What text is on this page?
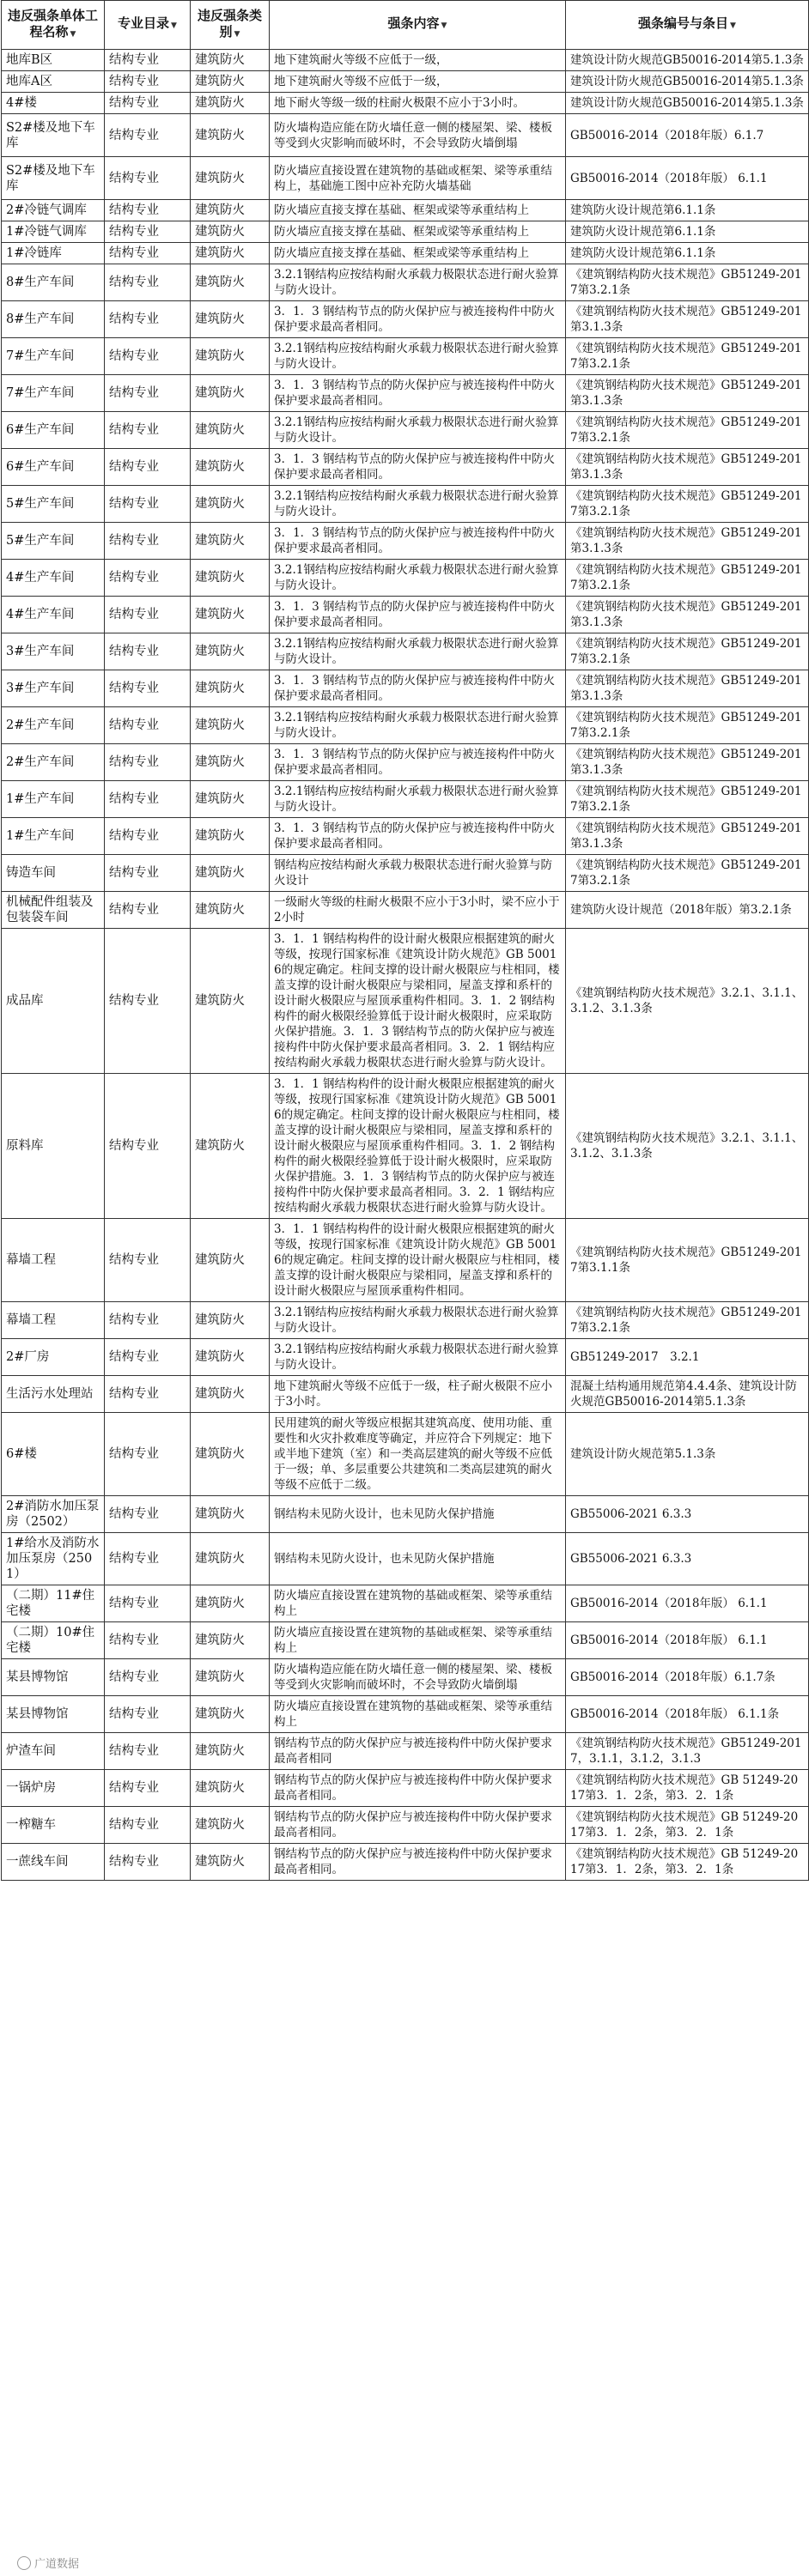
违反强条单体工程名称 ▼	专业目录 ▼	违反强条类别 ▼	强条内容 ▼	强条编号与条目 ▼
地库B区	结构专业	建筑防火	地下建筑耐火等级不应低于一级，	建筑设计防火规范GB50016-2014第5.1.3条
地库A区	结构专业	建筑防火	地下建筑耐火等级不应低于一级，	建筑设计防火规范GB50016-2014第5.1.3条
4#楼	结构专业	建筑防火	地下耐火等级一级的柱耐火极限不应小于3小时。	建筑设计防火规范GB50016-2014第5.1.3条
S2#楼及地下车库	结构专业	建筑防火	防火墙构造应能在防火墙任意一侧的楼屋架、梁、楼板等受到火灾影响而破坏时，不会导致防火墙倒塌	GB50016-2014（2018年版）6.1.7
S2#楼及地下车库	结构专业	建筑防火	防火墙应直接设置在建筑物的基础或框架、梁等承重结构上，基础施工图中应补充防火墙基础	GB50016-2014（2018年版） 6.1.1
2#冷链气调库	结构专业	建筑防火	防火墙应直接支撑在基础、框架或梁等承重结构上	建筑防火设计规范第6.1.1条
1#冷链气调库	结构专业	建筑防火	防火墙应直接支撑在基础、框架或梁等承重结构上	建筑防火设计规范第6.1.1条
1#冷链库	结构专业	建筑防火	防火墙应直接支撑在基础、框架或梁等承重结构上	建筑防火设计规范第6.1.1条
8#生产车间	结构专业	建筑防火	3.2.1钢结构应按结构耐火承载力极限状态进行耐火验算与防火设计。	《建筑钢结构防火技术规范》GB51249-2017第3.2.1条
8#生产车间	结构专业	建筑防火	3．1．3 钢结构节点的防火保护应与被连接构件中防火保护要求最高者相同。	《建筑钢结构防火技术规范》GB51249-201第3.1.3条
7#生产车间	结构专业	建筑防火	3.2.1钢结构应按结构耐火承载力极限状态进行耐火验算与防火设计。	《建筑钢结构防火技术规范》GB51249-2017第3.2.1条
7#生产车间	结构专业	建筑防火	3．1．3 钢结构节点的防火保护应与被连接构件中防火保护要求最高者相同。	《建筑钢结构防火技术规范》GB51249-201第3.1.3条
6#生产车间	结构专业	建筑防火	3.2.1钢结构应按结构耐火承载力极限状态进行耐火验算与防火设计。	《建筑钢结构防火技术规范》GB51249-2017第3.2.1条
6#生产车间	结构专业	建筑防火	3．1．3 钢结构节点的防火保护应与被连接构件中防火保护要求最高者相同。	《建筑钢结构防火技术规范》GB51249-201第3.1.3条
5#生产车间	结构专业	建筑防火	3.2.1钢结构应按结构耐火承载力极限状态进行耐火验算与防火设计。	《建筑钢结构防火技术规范》GB51249-2017第3.2.1条
5#生产车间	结构专业	建筑防火	3．1．3 钢结构节点的防火保护应与被连接构件中防火保护要求最高者相同。	《建筑钢结构防火技术规范》GB51249-201第3.1.3条
4#生产车间	结构专业	建筑防火	3.2.1钢结构应按结构耐火承载力极限状态进行耐火验算与防火设计。	《建筑钢结构防火技术规范》GB51249-2017第3.2.1条
4#生产车间	结构专业	建筑防火	3．1．3 钢结构节点的防火保护应与被连接构件中防火保护要求最高者相同。	《建筑钢结构防火技术规范》GB51249-201第3.1.3条
3#生产车间	结构专业	建筑防火	3.2.1钢结构应按结构耐火承载力极限状态进行耐火验算与防火设计。	《建筑钢结构防火技术规范》GB51249-2017第3.2.1条
3#生产车间	结构专业	建筑防火	3．1．3 钢结构节点的防火保护应与被连接构件中防火保护要求最高者相同。	《建筑钢结构防火技术规范》GB51249-201第3.1.3条
2#生产车间	结构专业	建筑防火	3.2.1钢结构应按结构耐火承载力极限状态进行耐火验算与防火设计。	《建筑钢结构防火技术规范》GB51249-2017第3.2.1条
2#生产车间	结构专业	建筑防火	3．1．3 钢结构节点的防火保护应与被连接构件中防火保护要求最高者相同。	《建筑钢结构防火技术规范》GB51249-201第3.1.3条
1#生产车间	结构专业	建筑防火	3.2.1钢结构应按结构耐火承载力极限状态进行耐火验算与防火设计。	《建筑钢结构防火技术规范》GB51249-2017第3.2.1条
1#生产车间	结构专业	建筑防火	3．1．3 钢结构节点的防火保护应与被连接构件中防火保护要求最高者相同。	《建筑钢结构防火技术规范》GB51249-201第3.1.3条
铸造车间	结构专业	建筑防火	钢结构应按结构耐火承载力极限状态进行耐火验算与防火设计	《建筑钢结构防火技术规范》GB51249-2017第3.2.1条
机械配件组装及包装袋车间	结构专业	建筑防火	一级耐火等级的柱耐火极限不应小于3小时，梁不应小于2小时	建筑防火设计规范（2018年版）第3.2.1条
成品库	结构专业	建筑防火	3．1．1 钢结构构件的设计耐火极限应根据建筑的耐火等级，按现行国家标准《建筑设计防火规范》GB 50016的规定确定。柱间支撑的设计耐火极限应与柱相同，楼盖支撑的设计耐火极限应与梁相同，屋盖支撑和系杆的设计耐火极限应与屋顶承重构件相同。3．1．2 钢结构构件的耐火极限经验算低于设计耐火极限时，应采取防火保护措施。3．1．3 钢结构节点的防火保护应与被连接构件中防火保护要求最高者相同。3．2．1 钢结构应按结构耐火承载力极限状态进行耐火验算与防火设计。	《建筑钢结构防火技术规范》3.2.1、3.1.1、3.1.2、3.1.3条
原料库	结构专业	建筑防火	3．1．1 钢结构构件的设计耐火极限应根据建筑的耐火等级，按现行国家标准《建筑设计防火规范》GB 50016的规定确定。柱间支撑的设计耐火极限应与柱相同，楼盖支撑的设计耐火极限应与梁相同，屋盖支撑和系杆的设计耐火极限应与屋顶承重构件相同。3．1．2 钢结构构件的耐火极限经验算低于设计耐火极限时，应采取防火保护措施。3．1．3 钢结构节点的防火保护应与被连接构件中防火保护要求最高者相同。3．2．1 钢结构应按结构耐火承载力极限状态进行耐火验算与防火设计。	《建筑钢结构防火技术规范》3.2.1、3.1.1、3.1.2、3.1.3条
幕墙工程	结构专业	建筑防火	3．1．1 钢结构构件的设计耐火极限应根据建筑的耐火等级，按现行国家标准《建筑设计防火规范》GB 50016的规定确定。柱间支撑的设计耐火极限应与柱相同，楼盖支撑的设计耐火极限应与梁相同，屋盖支撑和系杆的设计耐火极限应与屋顶承重构件相同。	《建筑钢结构防火技术规范》GB51249-2017第3.1.1条
幕墙工程	结构专业	建筑防火	3.2.1钢结构应按结构耐火承载力极限状态进行耐火验算与防火设计。	《建筑钢结构防火技术规范》GB51249-2017第3.2.1条
2#厂房	结构专业	建筑防火	3.2.1钢结构应按结构耐火承载力极限状态进行耐火验算与防火设计。	GB51249-2017　3.2.1
生活污水处理站	结构专业	建筑防火	地下建筑耐火等级不应低于一级，柱子耐火极限不应小于3小时。	混凝土结构通用规范第4.4.4条、建筑设计防火规范GB50016-2014第5.1.3条
6#楼	结构专业	建筑防火	民用建筑的耐火等级应根据其建筑高度、使用功能、重要性和火灾扑救难度等确定，并应符合下列规定：地下或半地下建筑（室）和一类高层建筑的耐火等级不应低于一级；单、多层重要公共建筑和二类高层建筑的耐火等级不应低于二级。	建筑设计防火规范第5.1.3条
2#消防水加压泵房（2502）	结构专业	建筑防火	钢结构未见防火设计，也未见防火保护措施	GB55006-2021 6.3.3
1#给水及消防水加压泵房（2501）	结构专业	建筑防火	钢结构未见防火设计，也未见防火保护措施	GB55006-2021 6.3.3
（二期）11#住宅楼	结构专业	建筑防火	防火墙应直接设置在建筑物的基础或框架、梁等承重结构上	GB50016-2014（2018年版） 6.1.1
（二期）10#住宅楼	结构专业	建筑防火	防火墙应直接设置在建筑物的基础或框架、梁等承重结构上	GB50016-2014（2018年版） 6.1.1
某县博物馆	结构专业	建筑防火	防火墙构造应能在防火墙任意一侧的楼屋架、梁、楼板等受到火灾影响而破坏时，不会导致防火墙倒塌	GB50016-2014（2018年版）6.1.7条
某县博物馆	结构专业	建筑防火	防火墙应直接设置在建筑物的基础或框架、梁等承重结构上	GB50016-2014（2018年版） 6.1.1条
炉渣车间	结构专业	建筑防火	钢结构节点的防火保护应与被连接构件中防火保护要求最高者相同	《建筑钢结构防火技术规范》GB51249-2017，3.1.1，3.1.2，3.1.3
一锅炉房	结构专业	建筑防火	钢结构节点的防火保护应与被连接构件中防火保护要求最高者相同。	《建筑钢结构防火技术规范》GB 51249-2017第3．1．2条，第3．2．1条
一榨糖车	结构专业	建筑防火	钢结构节点的防火保护应与被连接构件中防火保护要求最高者相同。	《建筑钢结构防火技术规范》GB 51249-2017第3．1．2条，第3．2．1条
一蔗线车间	结构专业	建筑防火	钢结构节点的防火保护应与被连接构件中防火保护要求最高者相同。	《建筑钢结构防火技术规范》GB 51249-2017第3．1．2条，第3．2．1条
广道数据
